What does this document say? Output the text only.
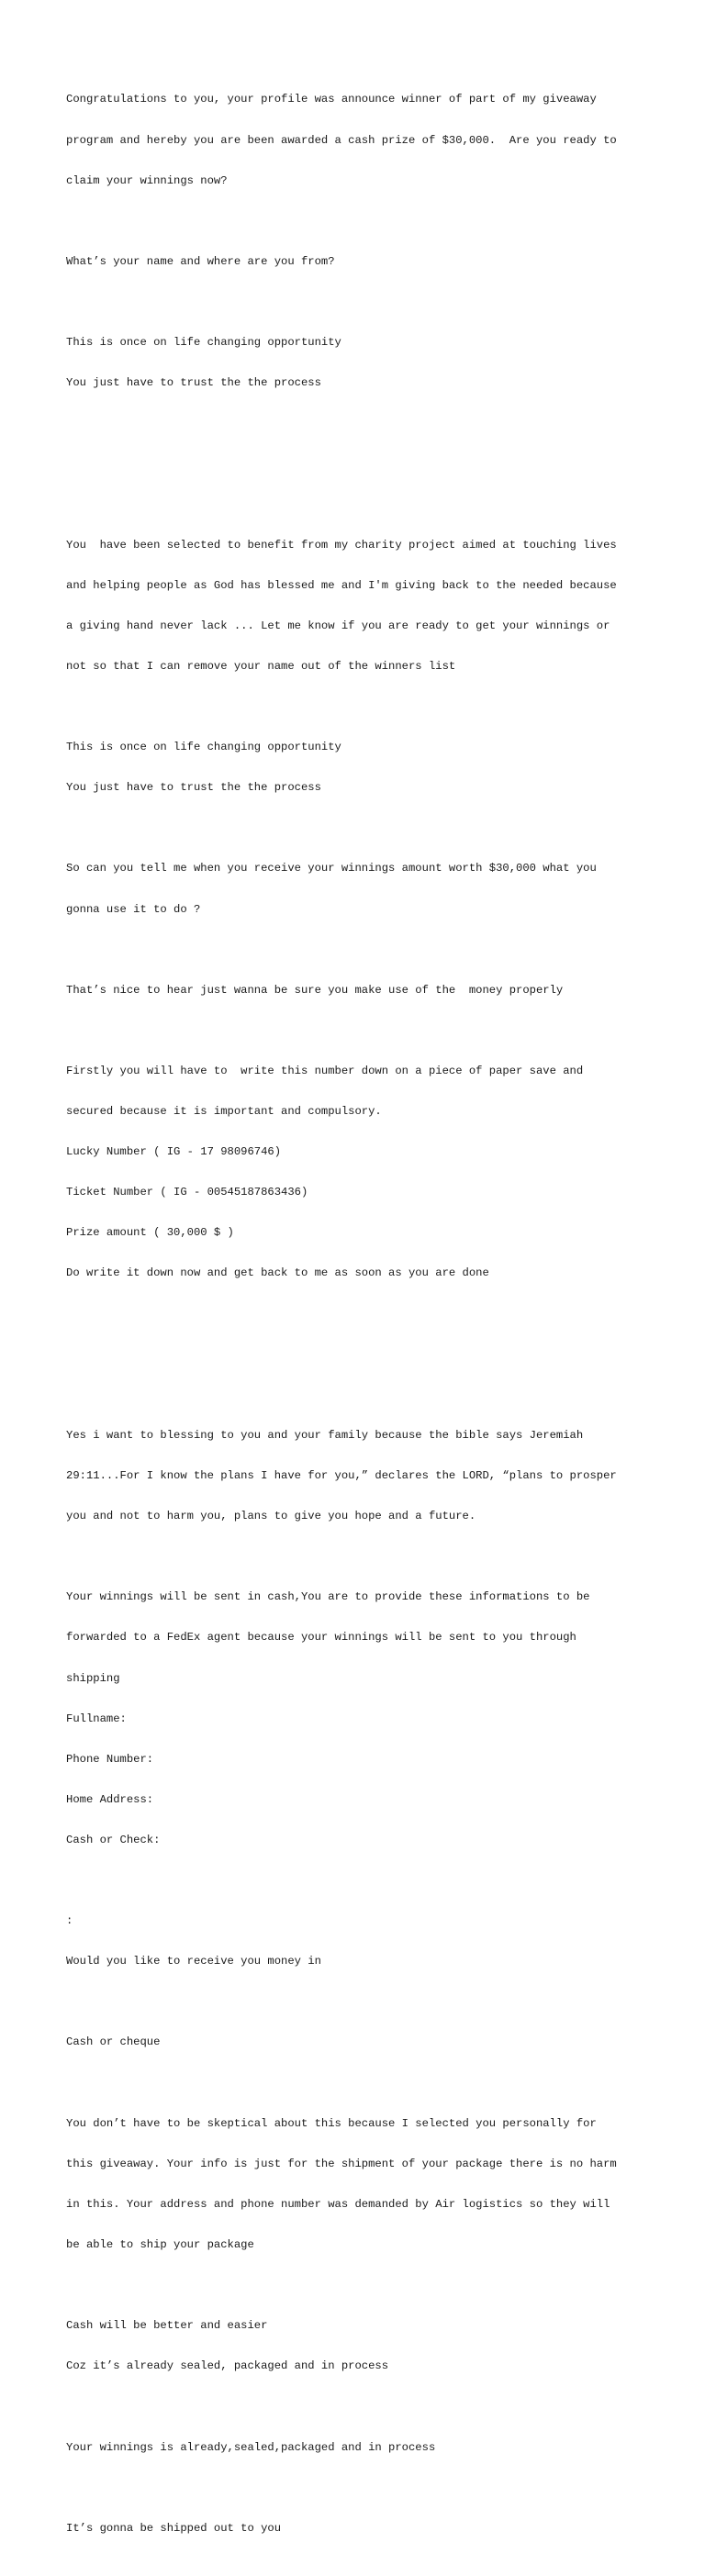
Congratulations to you, your profile was announce winner of part of my giveaway

program and hereby you are been awarded a cash prize of $30,000.  Are you ready to

claim your winnings now?

What’s your name and where are you from?

This is once on life changing opportunity

You just have to trust the the process

You  have been selected to benefit from my charity project aimed at touching lives

and helping people as God has blessed me and I'm giving back to the needed because

a giving hand never lack ... Let me know if you are ready to get your winnings or

not so that I can remove your name out of the winners list

This is once on life changing opportunity

You just have to trust the the process

So can you tell me when you receive your winnings amount worth $30,000 what you

gonna use it to do ?

That’s nice to hear just wanna be sure you make use of the  money properly

Firstly you will have to  write this number down on a piece of paper save and

secured because it is important and compulsory.

Lucky Number ( IG - 17 98096746)

Ticket Number ( IG - 00545187863436)

Prize amount ( 30,000 $ )

Do write it down now and get back to me as soon as you are done

Yes i want to blessing to you and your family because the bible says Jeremiah

29:11...For I know the plans I have for you,” declares the LORD, “plans to prosper

you and not to harm you, plans to give you hope and a future.

Your winnings will be sent in cash,You are to provide these informations to be

forwarded to a FedEx agent because your winnings will be sent to you through

shipping

Fullname:

Phone Number:

Home Address:

Cash or Check:

:

Would you like to receive you money in

Cash or cheque

You don’t have to be skeptical about this because I selected you personally for

this giveaway. Your info is just for the shipment of your package there is no harm

in this. Your address and phone number was demanded by Air logistics so they will

be able to ship your package

Cash will be better and easier

Coz it’s already sealed, packaged and in process

Your winnings is already,sealed,packaged and in process

It’s gonna be shipped out to you
